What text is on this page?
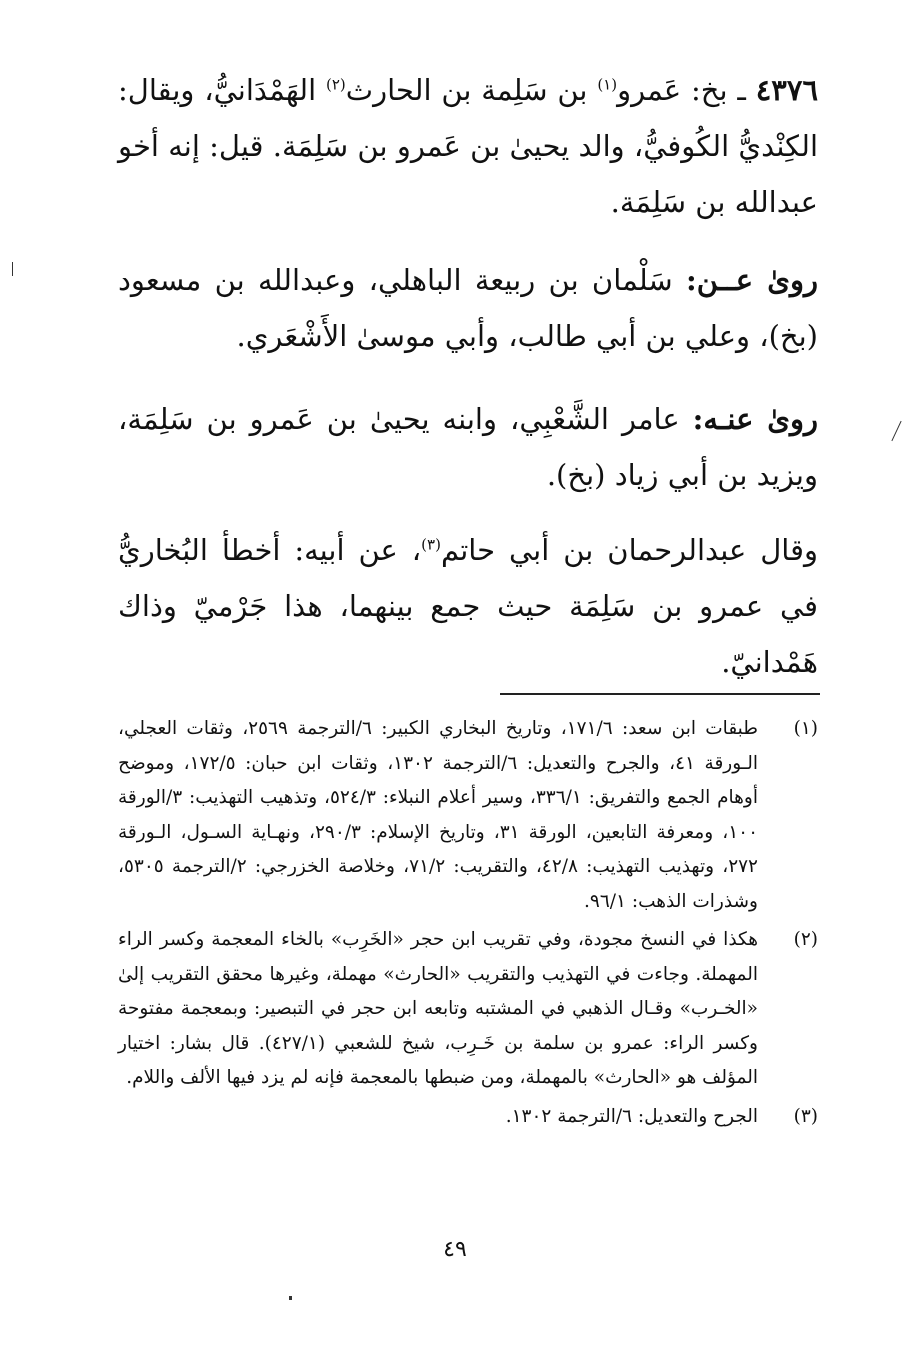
٤٣٧٦ ـ بخ: عَمرو$^{(١)}$ بن سَلِمة بن الحارث$^{(٢)}$ الهَمْدَانيُّ، ويقال: الكِنْديُّ الكُوفيُّ، والد يحيىٰ بن عَمرو بن سَلِمَة. قيل: إنه أخو عبدالله بن سَلِمَة.

روىٰ عــن: سَلْمان بن ربيعة الباهلي، وعبدالله بن مسعود (بخ)، وعلي بن أبي طالب، وأبي موسىٰ الأَشْعَري.

روىٰ عنـه: عامر الشَّعْبِي، وابنه يحيىٰ بن عَمرو بن سَلِمَة، ويزيد بن أبي زياد (بخ).

وقال عبدالرحمان بن أبي حاتم$^{(٣)}$، عن أبيه: أخطأ البُخاريُّ في عمرو بن سَلِمَة حيث جمع بينهما، هذا جَرْميّ وذاك هَمْدانيّ.

(١)
طبقات ابن سعد: ١٧١/٦، وتاريخ البخاري الكبير: ٦/الترجمة ٢٥٦٩، وثقات العجلي، الـورقة ٤١، والجرح والتعديل: ٦/الترجمة ١٣٠٢، وثقات ابن حبان: ١٧٢/٥، وموضح أوهام الجمع والتفريق: ٣٣٦/١، وسير أعلام النبلاء: ٥٢٤/٣، وتذهيب التهذيب: ٣/الورقة ١٠٠، ومعرفة التابعين، الورقة ٣١، وتاريخ الإسلام: ٢٩٠/٣، ونهـاية السـول، الـورقة ٢٧٢، وتهذيب التهذيب: ٤٢/٨، والتقريب: ٧١/٢، وخلاصة الخزرجي: ٢/الترجمة ٥٣٠٥، وشذرات الذهب: ٩٦/١.
(٢)
هكذا في النسخ مجودة، وفي تقريب ابن حجر «الخَرِب» بالخاء المعجمة وكسر الراء المهملة. وجاءت في التهذيب والتقريب «الحارث» مهملة، وغيرها محقق التقريب إلىٰ «الخـرب» وقـال الذهبي في المشتبه وتابعه ابن حجر في التبصير: وبمعجمة مفتوحة وكسر الراء: عمرو بن سلمة بن خَـرِب، شيخ للشعبي (٤٢٧/١). قال بشار: اختيار المؤلف هو «الحارث» بالمهملة، ومن ضبطها بالمعجمة فإنه لم يزد فيها الألف واللام.
(٣)
الجرح والتعديل: ٦/الترجمة ١٣٠٢.
٤٩
